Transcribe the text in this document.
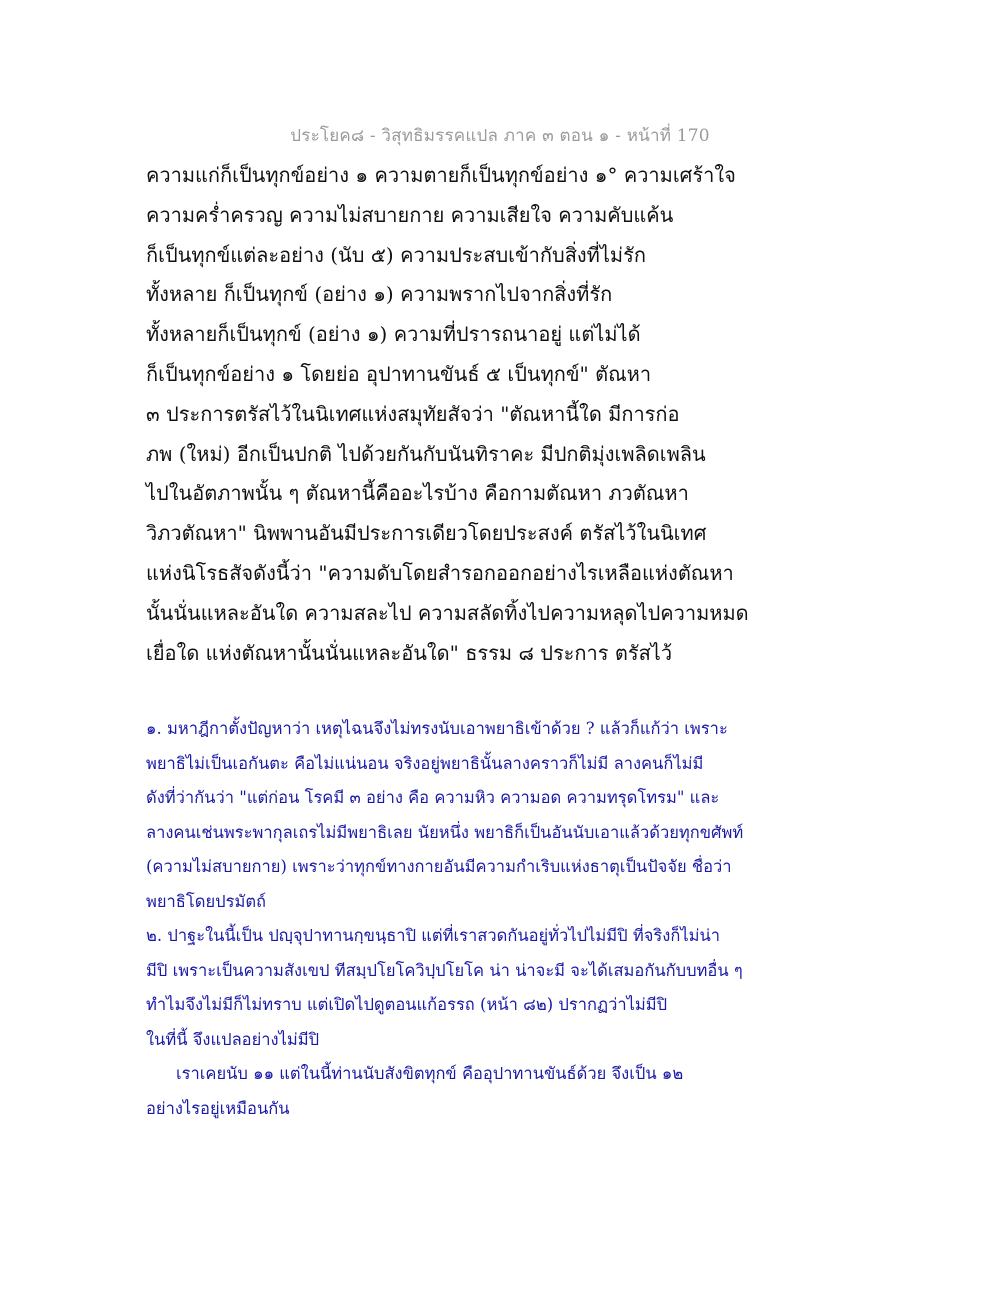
ประโยค๘ - วิสุทธิมรรคแปล ภาค ๓ ตอน ๑ - หน้าที่ 170
ความแก่ก็เป็นทุกข์อย่าง ๑ ความตายก็เป็นทุกข์อย่าง ๑° ความเศร้าใจ
ความคร่ำครวญ ความไม่สบายกาย ความเสียใจ ความคับแค้น
ก็เป็นทุกข์แต่ละอย่าง (นับ ๕) ความประสบเข้ากับสิ่งที่ไม่รัก
ทั้งหลาย ก็เป็นทุกข์ (อย่าง ๑) ความพรากไปจากสิ่งที่รัก
ทั้งหลายก็เป็นทุกข์ (อย่าง ๑) ความที่ปรารถนาอยู่ แต่ไม่ได้
ก็เป็นทุกข์อย่าง ๑ โดยย่อ อุปาทานขันธ์ ๕ เป็นทุกข์" ตัณหา
๓ ประการตรัสไว้ในนิเทศแห่งสมุทัยสัจว่า "ตัณหานี้ใด มีการก่อ
ภพ (ใหม่) อีกเป็นปกติ ไปด้วยกันกับนันทิราคะ มีปกติมุ่งเพลิดเพลิน
ไปในอัตภาพนั้น ๆ ตัณหานี้คืออะไรบ้าง คือกามตัณหา ภวตัณหา
วิภวตัณหา" นิพพานอันมีประการเดียวโดยประสงค์ ตรัสไว้ในนิเทศ
แห่งนิโรธสัจดังนี้ว่า "ความดับโดยสำรอกออกอย่างไรเหลือแห่งตัณหา
นั้นนั่นแหละอันใด ความสละไป ความสลัดทิ้งไปความหลุดไปความหมด
เยื่อใด แห่งตัณหานั้นนั่นแหละอันใด" ธรรม ๘ ประการ ตรัสไว้
๑. มหาฎีกาตั้งปัญหาว่า เหตุไฉนจึงไม่ทรงนับเอาพยาธิเข้าด้วย ? แล้วก็แก้ว่า เพราะ
พยาธิไม่เป็นเอกันตะ คือไม่แน่นอน จริงอยู่พยาธินั้นลางคราวก็ไม่มี ลางคนก็ไม่มี
ดังที่ว่ากันว่า "แต่ก่อน โรคมี ๓ อย่าง คือ ความหิว ความอด ความทรุดโทรม" และ
ลางคนเช่นพระพากุลเถรไม่มีพยาธิเลย นัยหนึ่ง พยาธิก็เป็นอันนับเอาแล้วด้วยทุกขศัพท์
(ความไม่สบายกาย) เพราะว่าทุกข์ทางกายอันมีความกำเริบแห่งธาตุเป็นปัจจัย ชื่อว่า
พยาธิโดยปรมัตถ์
๒. ปาฐะในนี้เป็น ปญฺจุปาทานกฺขนฺธาปิ แต่ที่เราสวดกันอยู่ทั่วไปไม่มีปิ ที่จริงก็ไม่น่า
มีปิ เพราะเป็นความสังเขป ทีสมฺปโยโควิปฺปโยโค น่า น่าจะมี จะได้เสมอกันกับบทอื่น ๆ
ทำไมจึงไม่มีก็ไม่ทราบ แต่เปิดไปดูตอนแก้อรรถ (หน้า ๘๒) ปรากฏว่าไม่มีปิ
ในที่นี้ จึงแปลอย่างไม่มีปิ
เราเคยนับ ๑๑ แต่ในนี้ท่านนับสังขิตทุกข์ คืออุปาทานขันธ์ด้วย จึงเป็น ๑๒
อย่างไรอยู่เหมือนกัน
